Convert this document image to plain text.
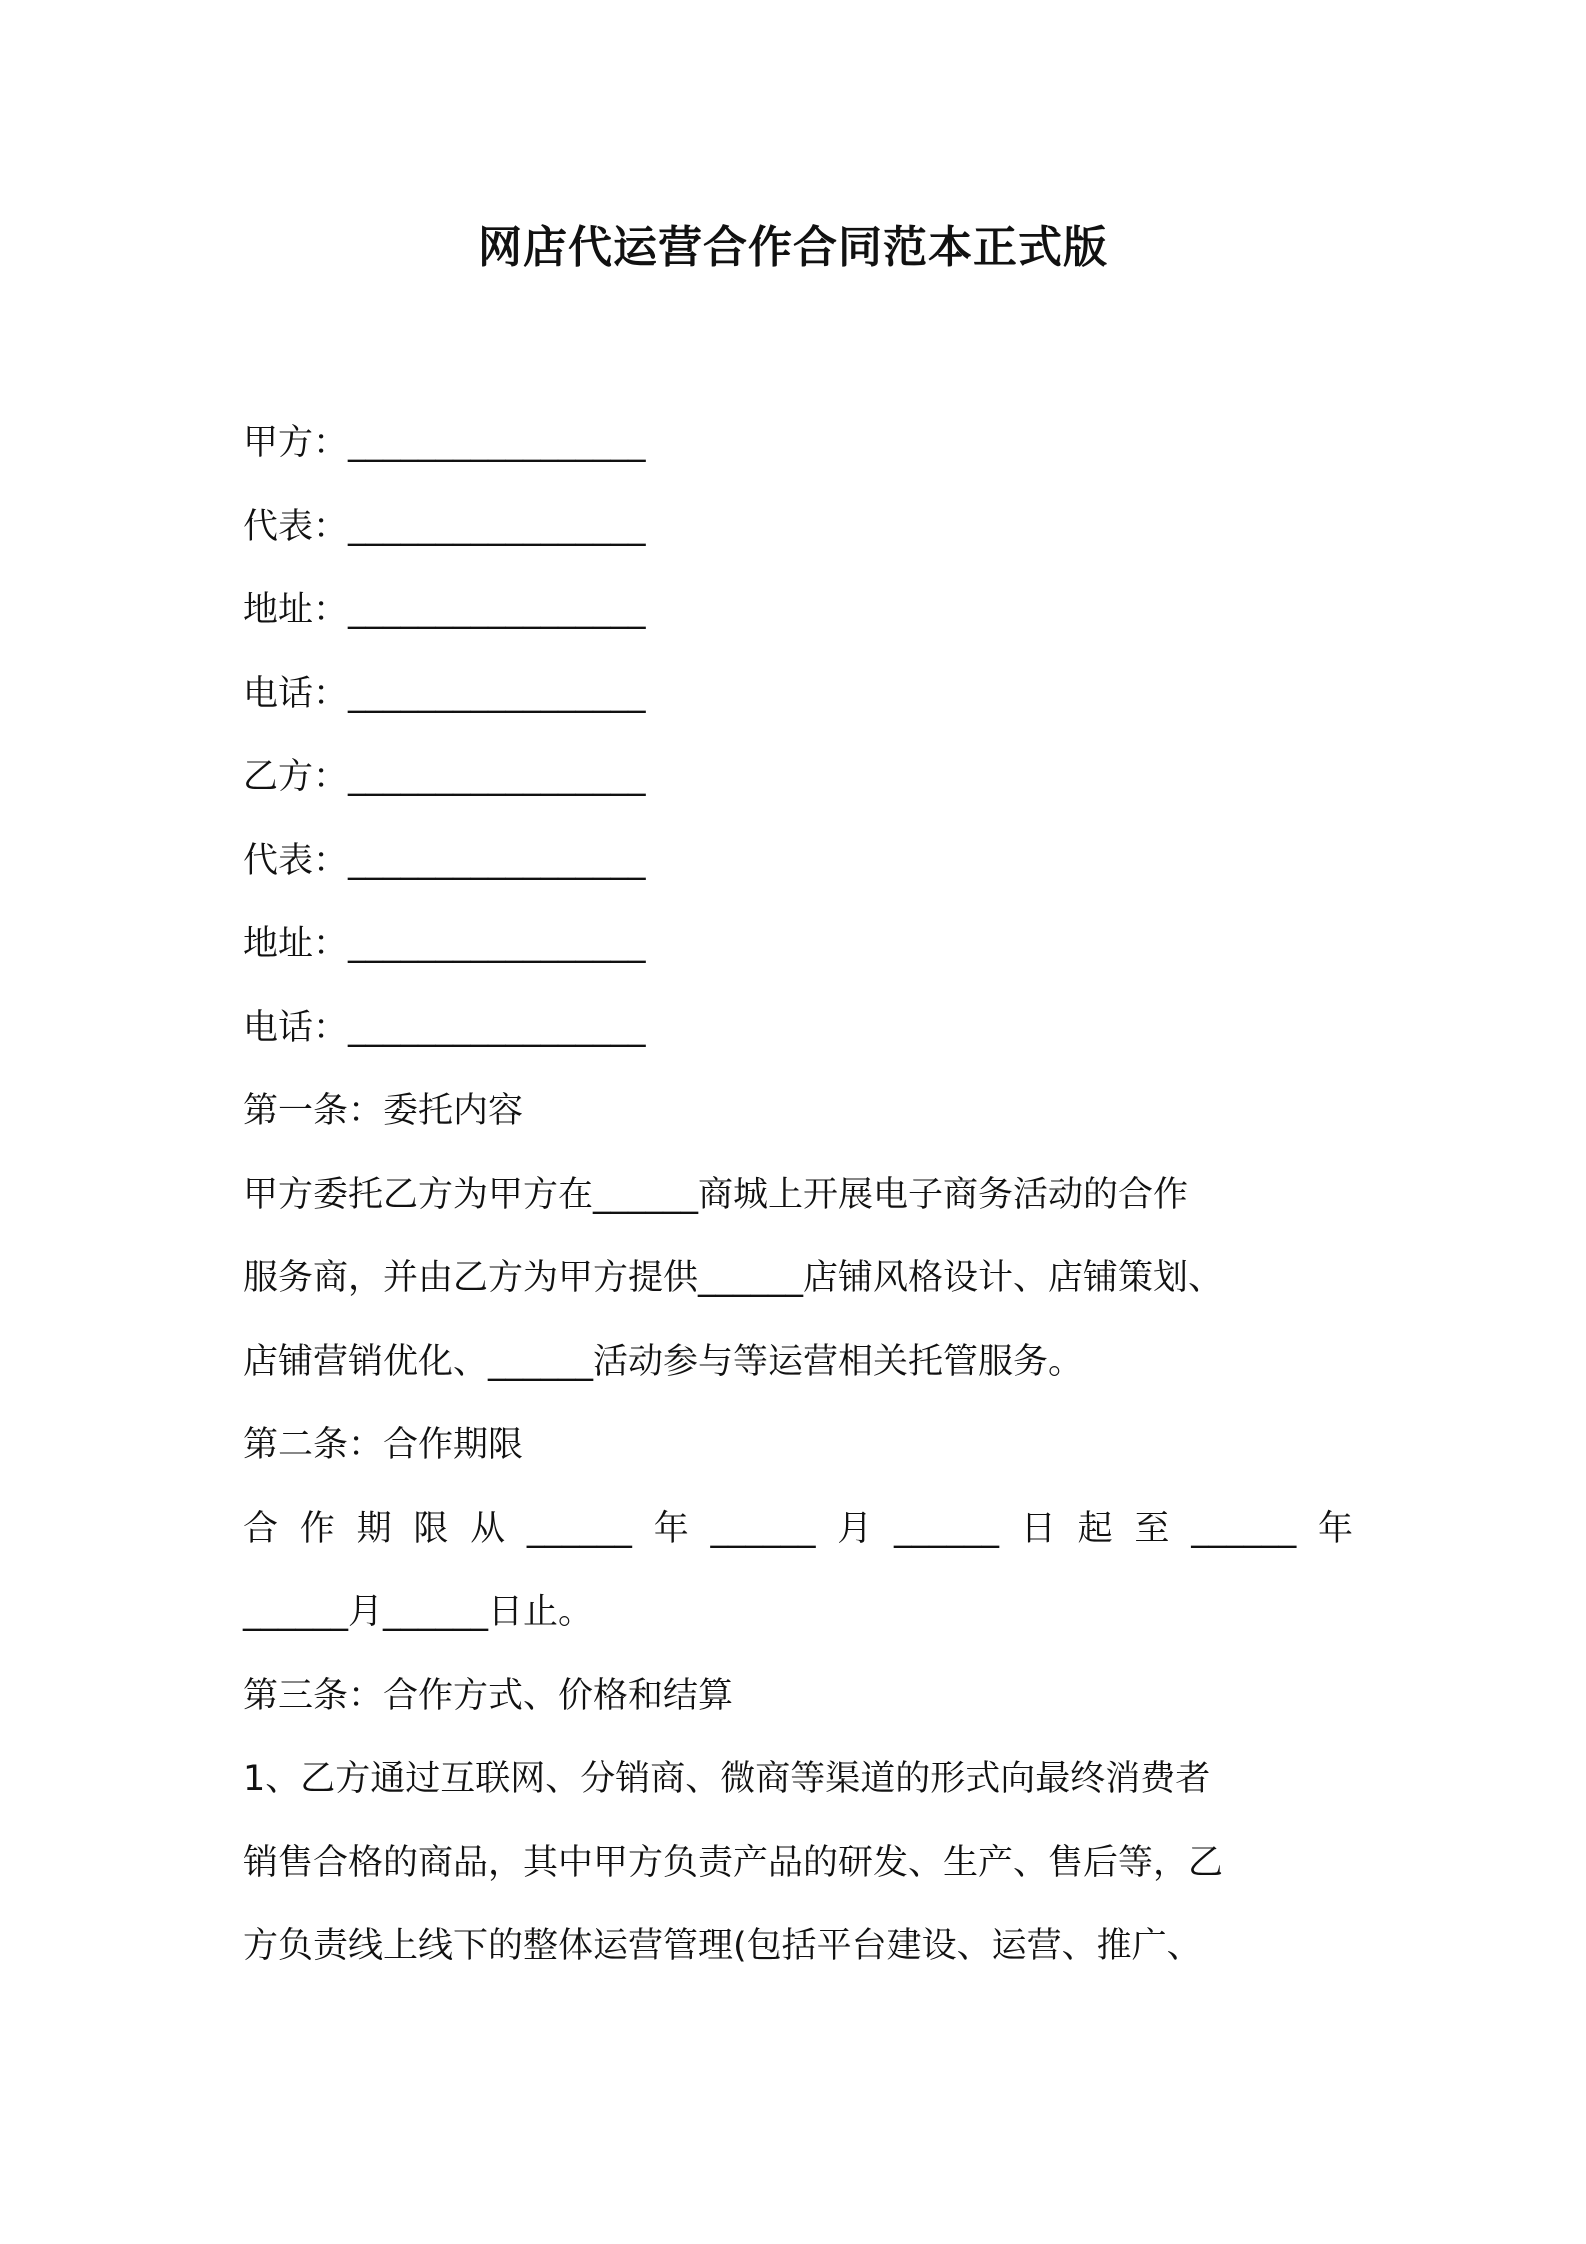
网店代运营合作合同范本正式版
甲方：_________________
代表：_________________
地址：_________________
电话：_________________
乙方：_________________
代表：_________________
地址：_________________
电话：_________________
第一条：委托内容
甲方委托乙方为甲方在______商城上开展电子商务活动的合作
服务商，并由乙方为甲方提供______店铺风格设计、店铺策划、
店铺营销优化、______活动参与等运营相关托管服务。
第二条：合作期限
合作期限从______年______月______日起至______年
______月______日止。
第三条：合作方式、价格和结算
1、乙方通过互联网、分销商、微商等渠道的形式向最终消费者
销售合格的商品，其中甲方负责产品的研发、生产、售后等，乙
方负责线上线下的整体运营管理(包括平台建设、运营、推广、
